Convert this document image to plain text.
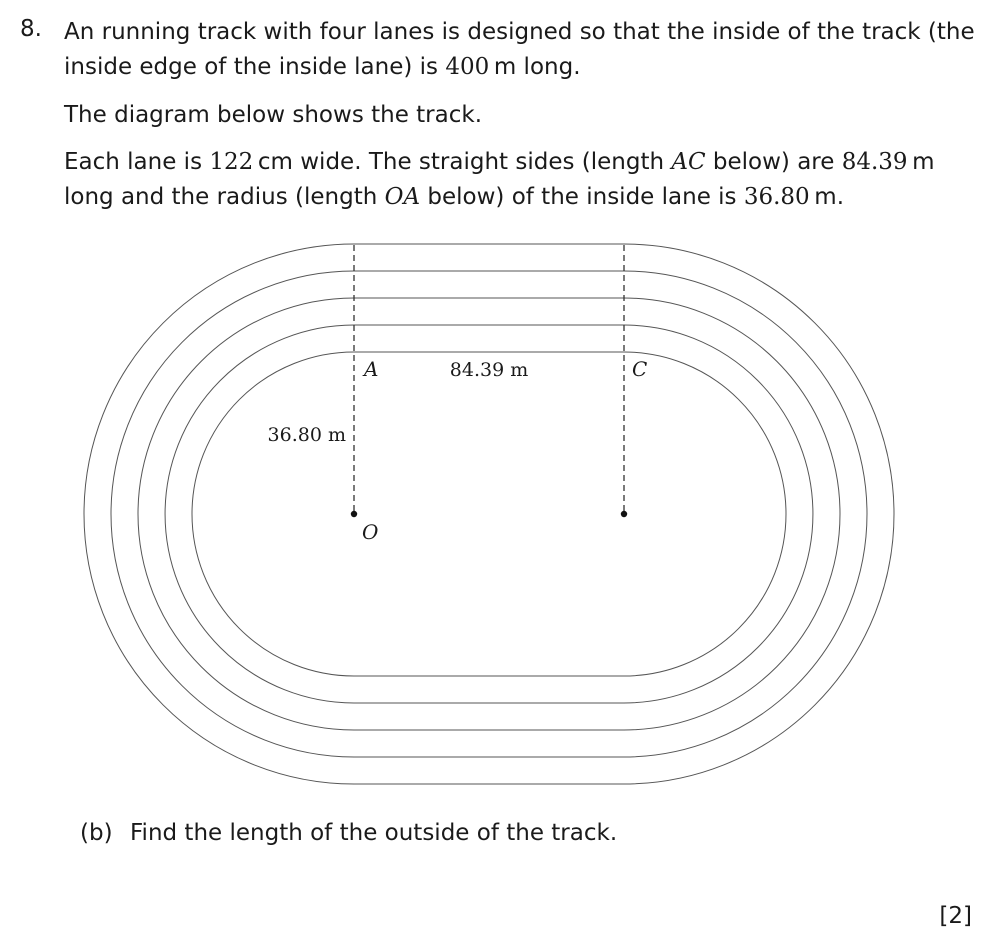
8. An running track with four lanes is designed so that the inside of the track (the inside edge of the inside lane) is 400  m long.

The diagram below shows the track.

Each lane is 122  cm wide. The straight sides (length AC below) are 84.39  m long and the radius (length OA below) of the inside lane is 36.80  m.

A	C
O
84.39 m
36.80 m
(b) Find the length of the outside of the track.
[2]
